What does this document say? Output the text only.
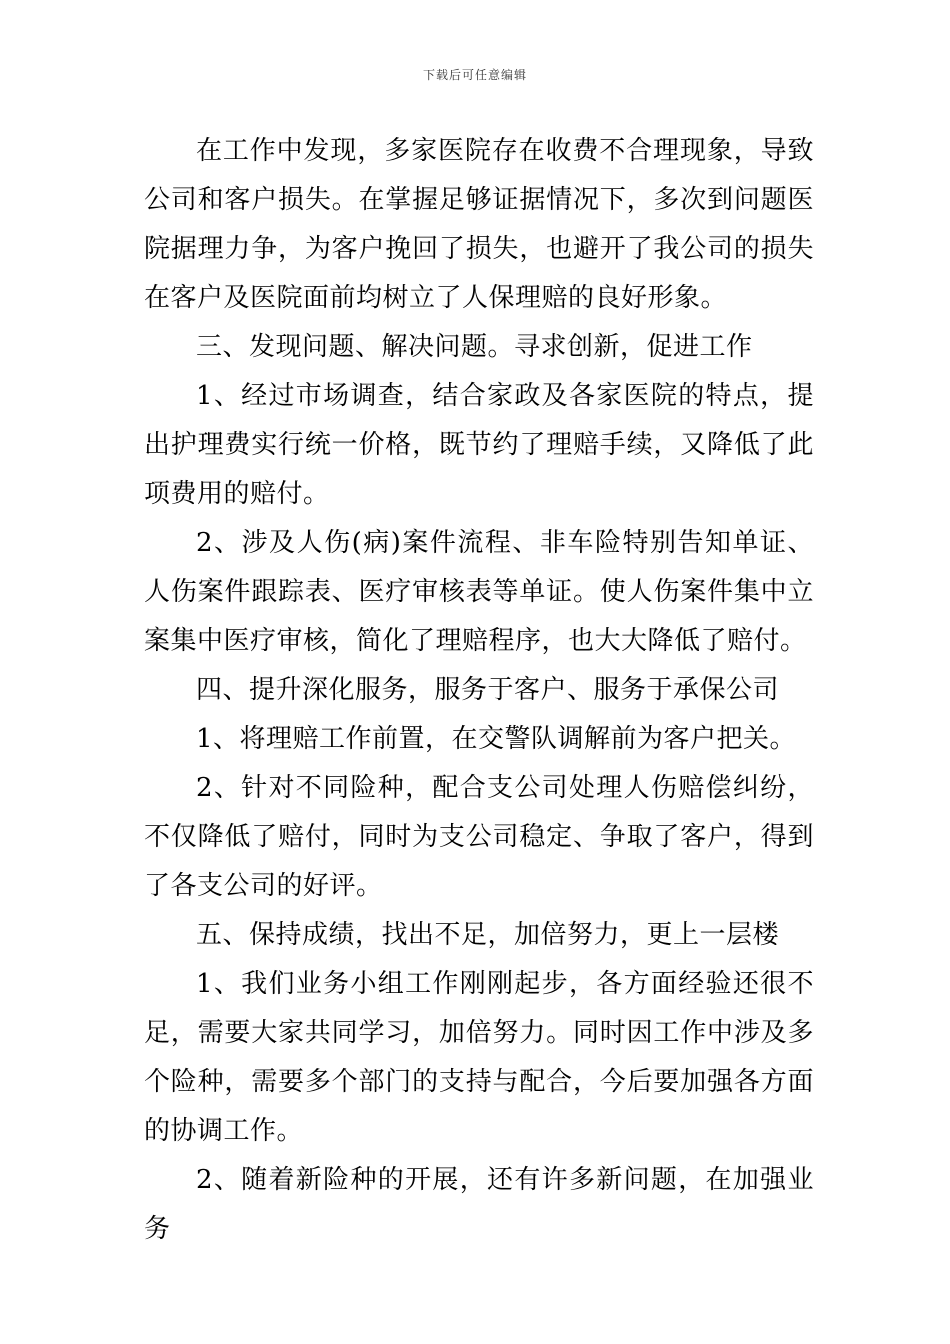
下载后可任意编辑

在工作中发现，多家医院存在收费不合理现象，导致公司和客户损失。在掌握足够证据情况下，多次到问题医院据理力争，为客户挽回了损失，也避开了我公司的损失在客户及医院面前均树立了人保理赔的良好形象。

三、发现问题、解决问题。寻求创新，促进工作

1、经过市场调查，结合家政及各家医院的特点，提出护理费实行统一价格，既节约了理赔手续，又降低了此项费用的赔付。

2、涉及人伤(病)案件流程、非车险特别告知单证、人伤案件跟踪表、医疗审核表等单证。使人伤案件集中立案集中医疗审核，简化了理赔程序，也大大降低了赔付。

四、提升深化服务，服务于客户、服务于承保公司

1、将理赔工作前置，在交警队调解前为客户把关。

2、针对不同险种，配合支公司处理人伤赔偿纠纷，不仅降低了赔付，同时为支公司稳定、争取了客户，得到了各支公司的好评。

五、保持成绩，找出不足，加倍努力，更上一层楼

1、我们业务小组工作刚刚起步，各方面经验还很不足，需要大家共同学习，加倍努力。同时因工作中涉及多个险种，需要多个部门的支持与配合，今后要加强各方面的协调工作。

2、随着新险种的开展，还有许多新问题，在加强业务
